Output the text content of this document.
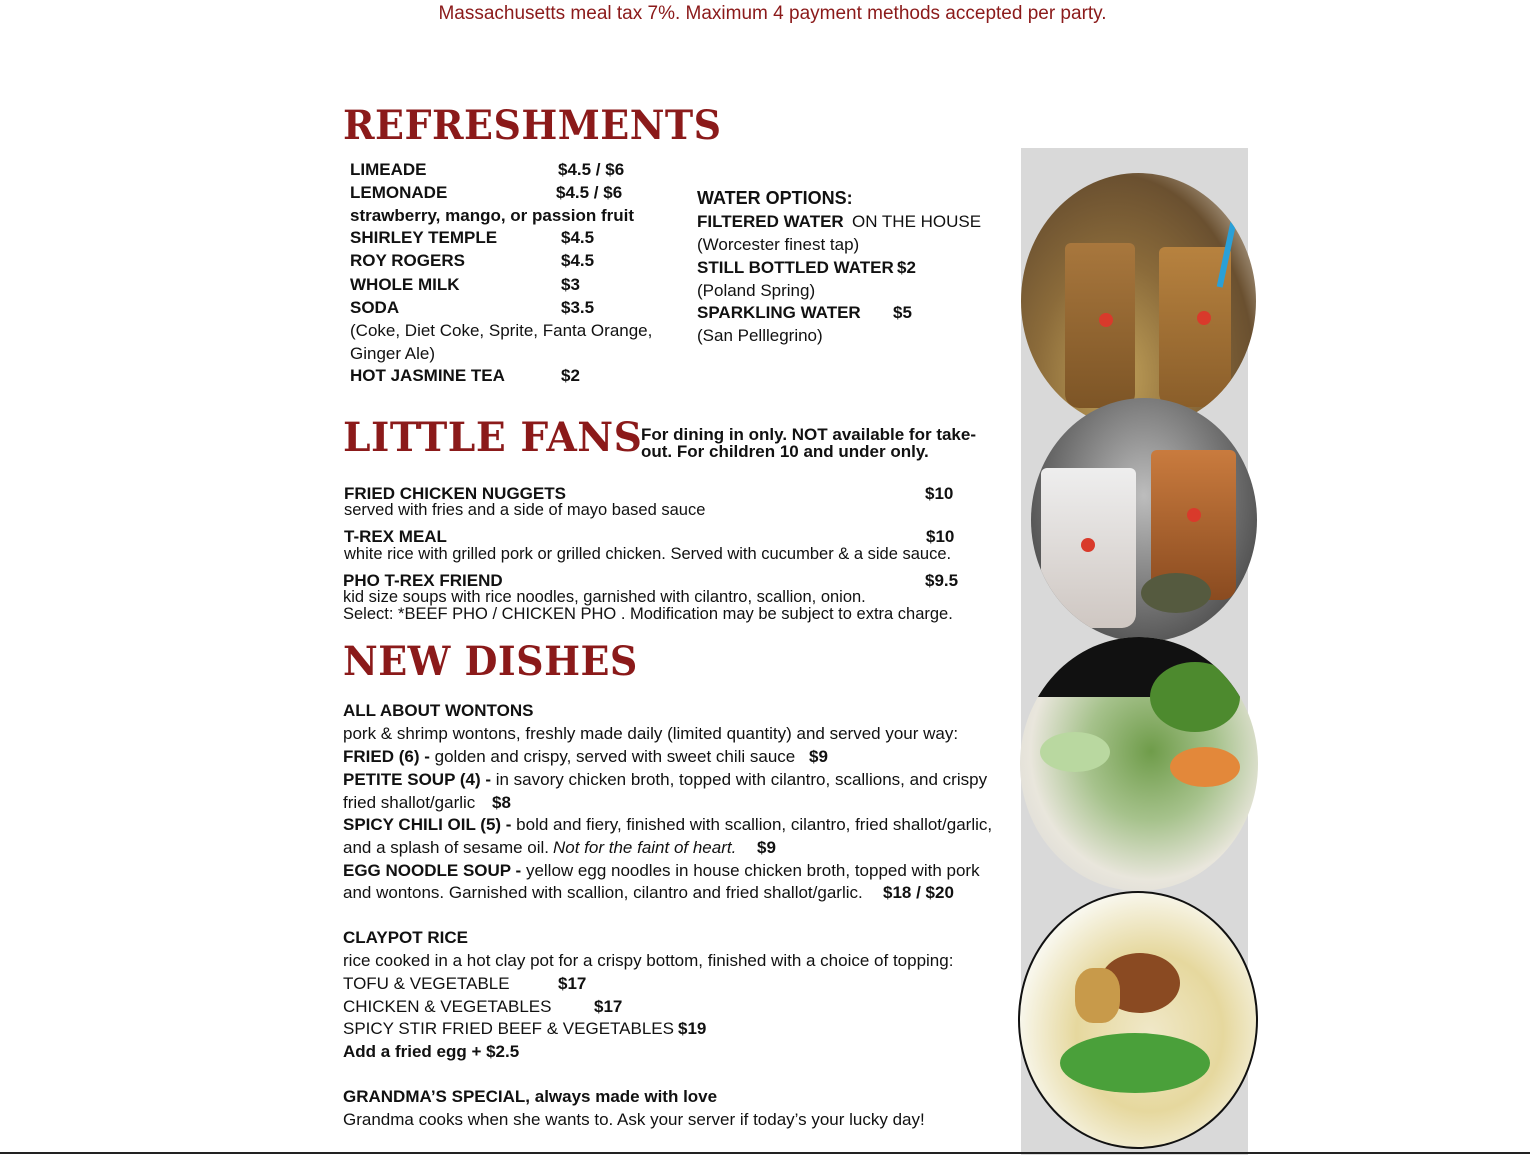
Massachusetts meal tax 7%. Maximum 4 payment methods accepted per party.
REFRESHMENTS
LIMEADE	$4.5 / $6
LEMONADE	$4.5 / $6
strawberry, mango, or passion fruit
SHIRLEY TEMPLE	$4.5
ROY ROGERS	$4.5
WHOLE MILK	$3
SODA	$3.5
(Coke, Diet Coke, Sprite, Fanta Orange,
Ginger Ale)
HOT JASMINE TEA	$2
WATER OPTIONS:
FILTERED WATER ON THE HOUSE
(Worcester finest tap)
STILL BOTTLED WATER $2
(Poland Spring)
SPARKLING WATER $5
(San Pelllegrino)
LITTLE FANS
For dining in only. NOT available for take-out. For children 10 and under only.
FRIED CHICKEN NUGGETS	$10
served with fries and a side of mayo based sauce
T-REX MEAL	$10
white rice with grilled pork or grilled chicken. Served with cucumber & a side sauce.
PHO T-REX FRIEND	$9.5
kid size soups with rice noodles, garnished with cilantro, scallion, onion.
Select: *BEEF PHO / CHICKEN PHO . Modification may be subject to extra charge.
NEW DISHES
ALL ABOUT WONTONS
pork & shrimp wontons, freshly made daily (limited quantity) and served your way:
FRIED (6) - golden and crispy, served with sweet chili sauce $9
PETITE SOUP (4) - in savory chicken broth, topped with cilantro, scallions, and crispy
fried shallot/garlic $8
SPICY CHILI OIL (5) - bold and fiery, finished with scallion, cilantro, fried shallot/garlic,
and a splash of sesame oil. Not for the faint of heart. $9
EGG NOODLE SOUP - yellow egg noodles in house chicken broth, topped with pork
and wontons. Garnished with scallion, cilantro and fried shallot/garlic. $18 / $20
CLAYPOT RICE
rice cooked in a hot clay pot for a crispy bottom, finished with a choice of topping:
TOFU & VEGETABLE	$17
CHICKEN & VEGETABLES	$17
SPICY STIR FRIED BEEF & VEGETABLES $19
Add a fried egg + $2.5
GRANDMA’S SPECIAL, always made with love
Grandma cooks when she wants to. Ask your server if today’s your lucky day!
